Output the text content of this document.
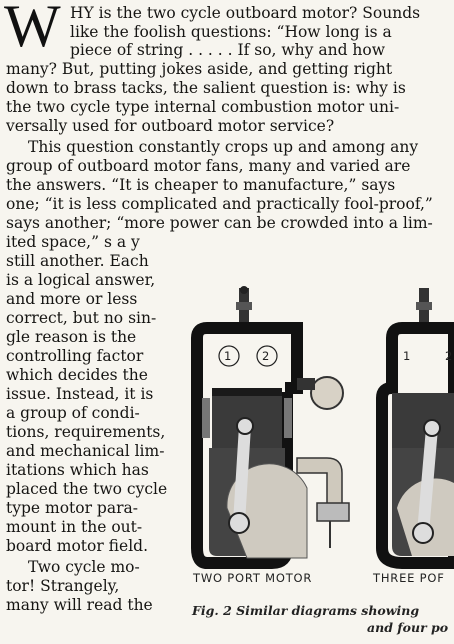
W HY is the two cycle outboard motor? Sounds
like the foolish questions: “How long is a
piece of string . . . . . If so, why and how
many? But, putting jokes aside, and getting right
down to brass tacks, the salient question is: why is
the two cycle type internal combustion motor uni-
versally used for outboard motor service?
This question constantly crops up and among any
group of outboard motor fans, many and varied are
the answers. “It is cheaper to manufacture,” says
one; “it is less complicated and practically fool-proof,”
says another; “more power can be crowded into a lim-
ited space,” s a y
still another. Each
is a logical answer,
and more or less
correct, but no sin-
gle reason is the
controlling factor
which decides the
issue. Instead, it is
a group of condi-
tions, requirements,
and mechanical lim-
itations which has
placed the two cycle
type motor para-
mount in the out-
board motor field.
Two cycle mo-
tor! Strangely,
many will read the
1	2	1	2
TWO PORT MOTOR	THREE POF
Fig. 2 Similar diagrams showing
and four po
